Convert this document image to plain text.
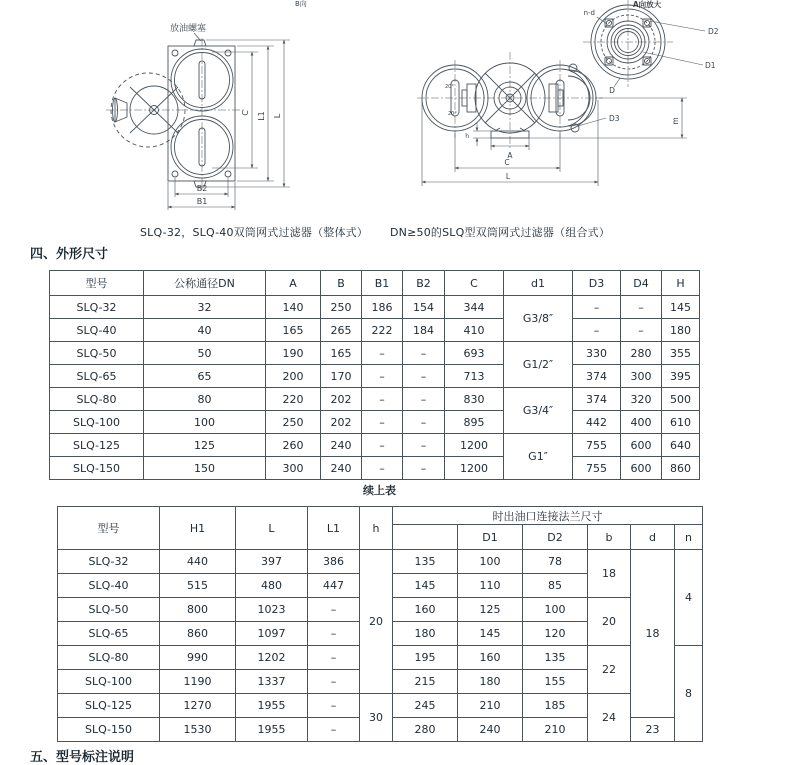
B向
放油螺塞
C L1 L
B2
B1
A向放大
n-d
D2
D1
D
D3	m
A
C
L
h
20°
20°
SLQ-32，SLQ-40双筒网式过滤器（整体式） DN≥50的SLQ型双筒网式过滤器（组合式）
四、外形尺寸
型号	公称通径DN	A	B	B1	B2	C	d1	D3	D4	H
SLQ-32	32	140	250	186	154	344	G3/8″	–	–	145
SLQ-40	40	165	265	222	184	410		–	–	180
SLQ-50	50	190	165	–	–	693	G1/2″	330	280	355
SLQ-65	65	200	170	–	–	713		374	300	395
SLQ-80	80	220	202	–	–	830	G3/4″	374	320	500
SLQ-100	100	250	202	–	–	895		442	400	610
SLQ-125	125	260	240	–	–	1200	G1″	755	600	640
SLQ-150	150	300	240	–	–	1200		755	600	860
续上表
型号	H1	L	L1	h	时出油口连接法兰尺寸					
						D1	D2	b	d	n
SLQ-32	440	397	386	20	135	100	78	18	18	4
SLQ-40	515	480	447		145	110	85			
SLQ-50	800	1023	–		160	125	100	20		
SLQ-65	860	1097	–		180	145	120			
SLQ-80	990	1202	–		195	160	135	22		8
SLQ-100	1190	1337	–		215	180	155			
SLQ-125	1270	1955	–	30	245	210	185	24		
SLQ-150	1530	1955	–		280	240	210		23	
五、型号标注说明
